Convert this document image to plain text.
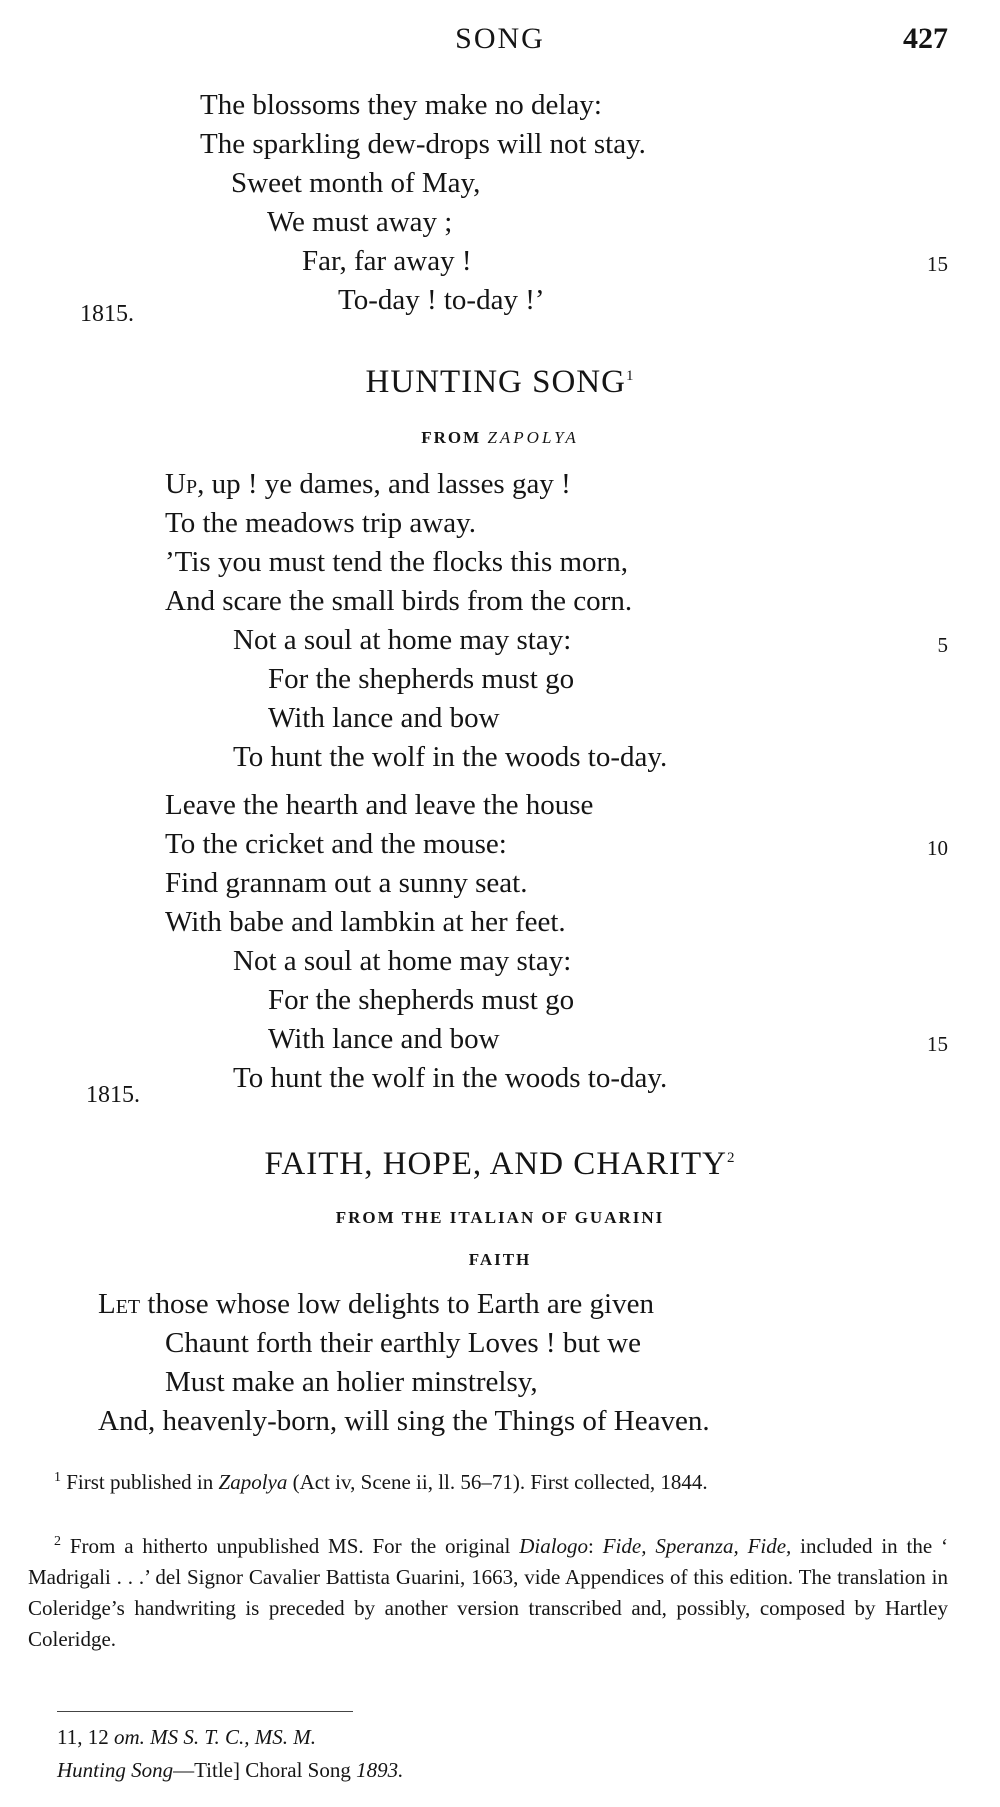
SONG	427
The blossoms they make no delay:
The sparkling dew-drops will not stay.
Sweet month of May,
We must away ;
Far, far away !	15
To-day ! to-day !’
1815.
HUNTING SONG$^1$
FROM ZAPOLYA
Up, up ! ye dames, and lasses gay !
To the meadows trip away.
’Tis you must tend the flocks this morn,
And scare the small birds from the corn.
Not a soul at home may stay:	5
For the shepherds must go
With lance and bow
To hunt the wolf in the woods to-day.
Leave the hearth and leave the house
To the cricket and the mouse:	10
Find grannam out a sunny seat.
With babe and lambkin at her feet.
Not a soul at home may stay:
For the shepherds must go
With lance and bow	15
To hunt the wolf in the woods to-day.
1815.
FAITH, HOPE, AND CHARITY$^2$
FROM THE ITALIAN OF GUARINI
FAITH
Let those whose low delights to Earth are given
Chaunt forth their earthly Loves ! but we
Must make an holier minstrelsy,
And, heavenly-born, will sing the Things of Heaven.
$^1$ First published in Zapolya (Act iv, Scene ii, ll. 56–71). First collected, 1844.
$^2$ From a hitherto unpublished MS. For the original Dialogo: Fide, Speranza, Fide, included in the ‘ Madrigali . . .’ del Signor Cavalier Battista Guarini, 1663, vide Appendices of this edition. The translation in Coleridge’s handwriting is preceded by another version transcribed and, possibly, composed by Hartley Coleridge.
11, 12 om. MS S. T. C., MS. M.
Hunting Song—Title] Choral Song 1893.
